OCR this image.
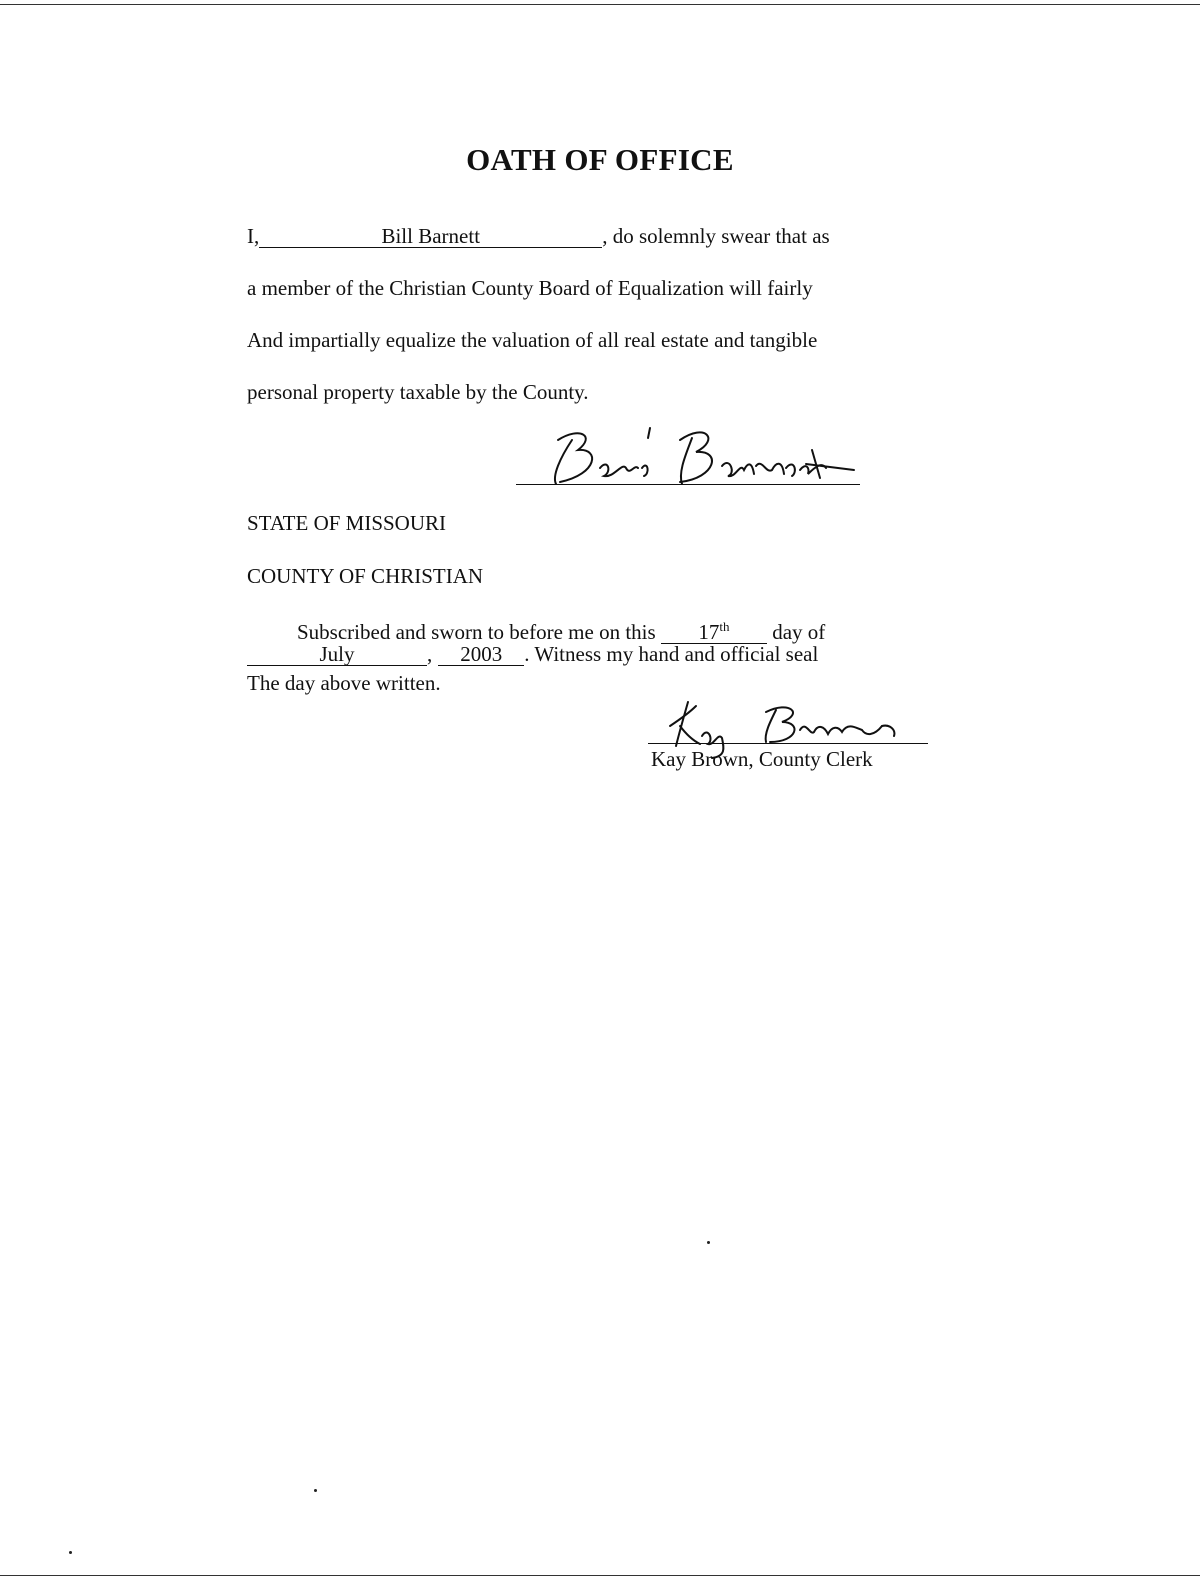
OATH OF OFFICE
I,	Bill Barnett	, do solemnly swear that as
a member of the Christian County Board of Equalization will fairly
And impartially equalize the valuation of all real estate and tangible
personal property taxable by the County.
STATE OF MISSOURI
COUNTY OF CHRISTIAN
Subscribed and sworn to before me on this 17th day of
July	, 2003 . Witness my hand and official seal
The day above written.
Kay Brown, County Clerk
